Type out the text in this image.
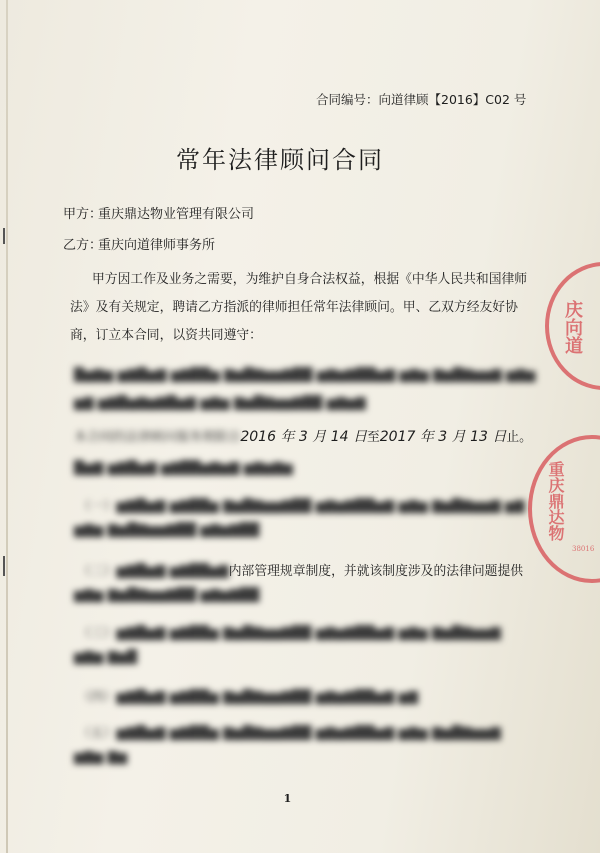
合同编号：向道律顾【2016】C02 号
常年法律顾问合同
甲方：
重庆鼎达物业管理有限公司
乙方：
重庆向道律师事务所
甲方因工作及业务之需要，为维护自身合法权益，根据《中华人民共和国律师法》及有关规定，聘请乙方指派的律师担任常年法律顾问。甲、乙双方经友好协商，订立本合同，以资共同遵守：
█▆▇▆ ▆▇█▆▇ ▆▇██▆ ▇▆█▇▆▆▇██ ▆▇▆▇██▆▇ ▆▇▆ ▇▆█▇▆▆▇ ▆▇▆
▆▇ ▆▇█▆▇▆▇█▆▇ ▆▇▆ ▇▆█▇▆▆▇██ ▆▇▆▇
本合同的法律顾问服务期限自2016 年 3 月 14 日至2017 年 3 月 13 日止。
█▆▇ ▆▇█▆▇ ▆▇██▆▇▆▇ ▆▇▆▇▆
（一）▆▇█▆▇ ▆▇██▆ ▇▆█▇▆▆▇██ ▆▇▆▇██▆▇ ▆▇▆ ▇▆█▇▆▆▇ ▆▇
▆▇▆ ▇▆█▇▆▆▇██ ▆▇▆▇██
（二）▆▇█▆▇ ▆▇██▆▇内部管理规章制度，并就该制度涉及的法律问题提供
▆▇▆ ▇▆█▇▆▆▇██ ▆▇▆▇██
（三）▆▇█▆▇ ▆▇██▆ ▇▆█▇▆▆▇██ ▆▇▆▇██▆▇ ▆▇▆ ▇▆█▇▆▆▇
▆▇▆ ▇▆█
（四）▆▇█▆▇ ▆▇██▆ ▇▆█▇▆▆▇██ ▆▇▆▇██▆▇ ▆▇
（五）▆▇█▆▇ ▆▇██▆ ▇▆█▇▆▆▇██ ▆▇▆▇██▆▇ ▆▇▆ ▇▆█▇▆▆▇
▆▇▆ ▇▆
1
庆向道
重庆鼎达物
38016
